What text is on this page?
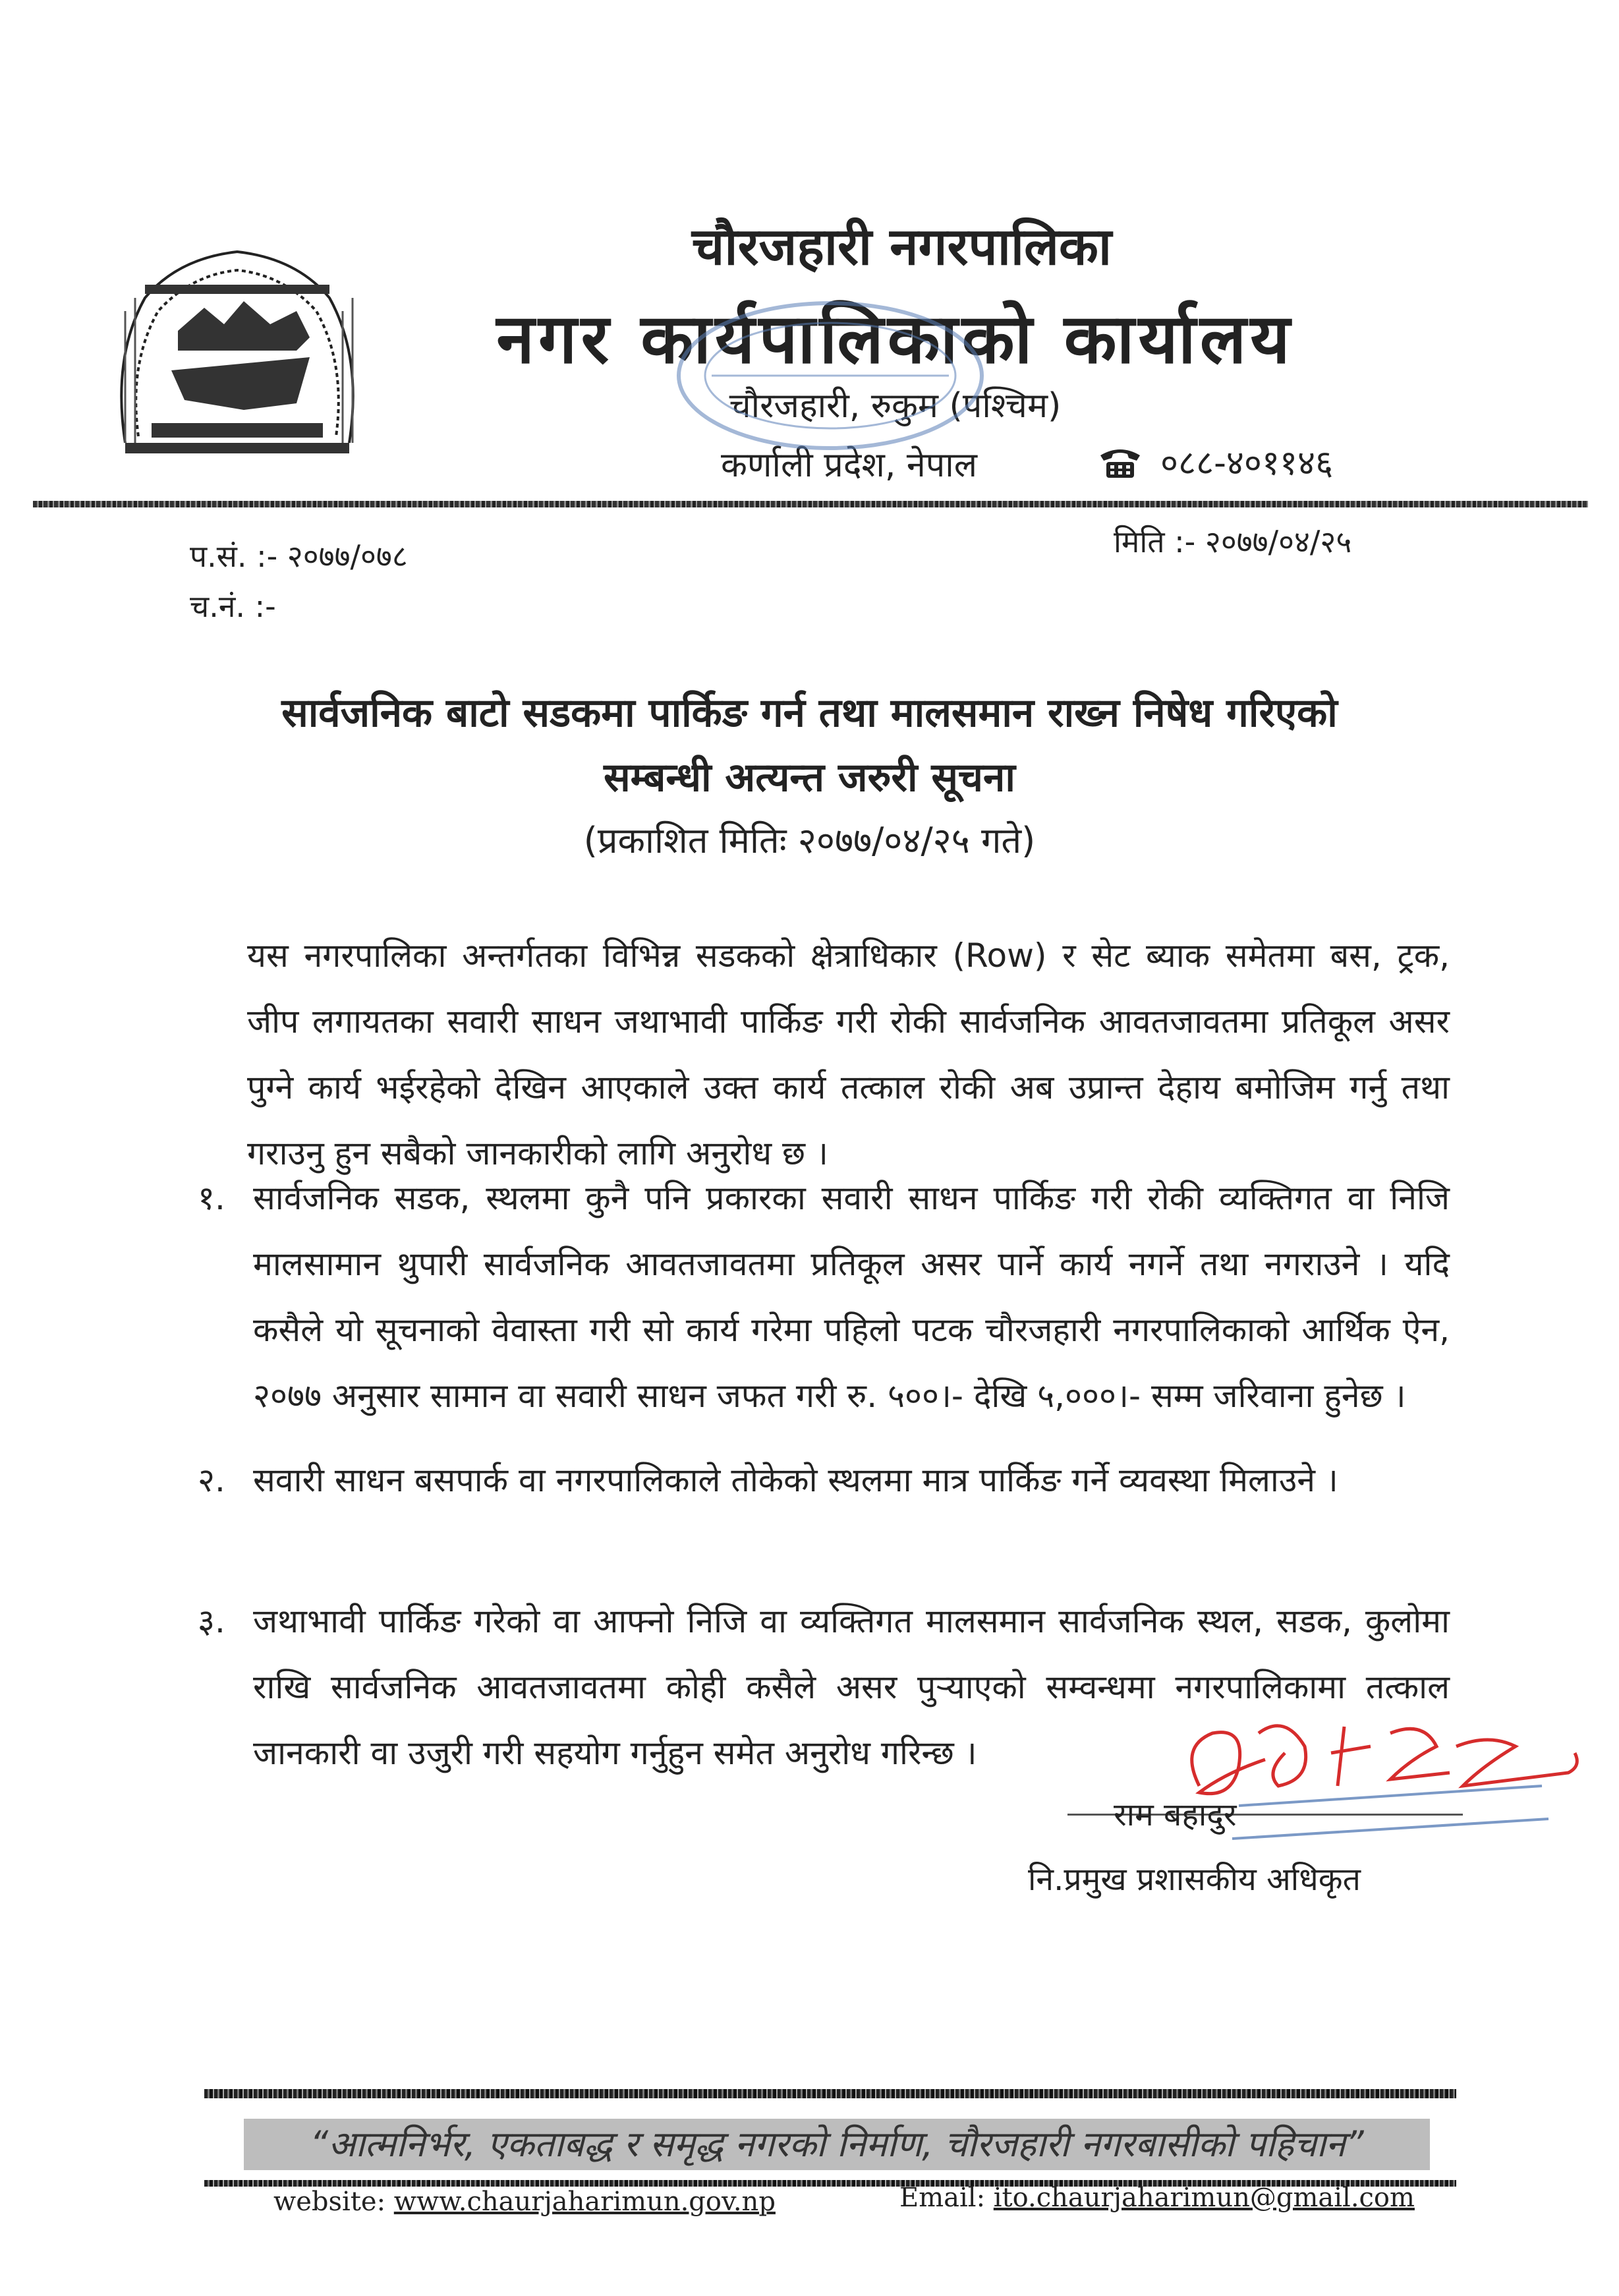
चौरजहारी नगरपालिका
नगर कार्यपालिकाको कार्यालय
चौरजहारी, रुकुम (पश्चिम)
कर्णाली प्रदेश, नेपाल	०८८-४०११४६
प.सं. :- २०७७/०७८
च.नं. :-
मिति :- २०७७/०४/२५
सार्वजनिक बाटो सडकमा पार्किङ गर्न तथा मालसमान राख्न निषेध गरिएको
सम्बन्धी अत्यन्त जरुरी सूचना
(प्रकाशित मितिः २०७७/०४/२५ गते)
यस नगरपालिका अन्तर्गतका विभिन्न सडकको क्षेत्राधिकार (Row) र सेट ब्याक समेतमा बस, ट्रक, जीप लगायतका सवारी साधन जथाभावी पार्किङ गरी रोकी सार्वजनिक आवतजावतमा प्रतिकूल असर पुग्ने कार्य भईरहेको देखिन आएकाले उक्त कार्य तत्काल रोकी अब उप्रान्त देहाय बमोजिम गर्नु तथा गराउनु हुन सबैको जानकारीको लागि अनुरोध छ ।
१. सार्वजनिक सडक, स्थलमा कुनै पनि प्रकारका सवारी साधन पार्किङ गरी रोकी व्यक्तिगत वा निजि मालसामान थुपारी सार्वजनिक आवतजावतमा प्रतिकूल असर पार्ने कार्य नगर्ने तथा नगराउने । यदि कसैले यो सूचनाको वेवास्ता गरी सो कार्य गरेमा पहिलो पटक चौरजहारी नगरपालिकाको आर्थिक ऐन, २०७७ अनुसार सामान वा सवारी साधन जफत गरी रु. ५००।- देखि ५,०००।- सम्म जरिवाना हुनेछ ।
२. सवारी साधन बसपार्क वा नगरपालिकाले तोकेको स्थलमा मात्र पार्किङ गर्ने व्यवस्था मिलाउने ।
३. जथाभावी पार्किङ गरेको वा आफ्नो निजि वा व्यक्तिगत मालसमान सार्वजनिक स्थल, सडक, कुलोमा राखि सार्वजनिक आवतजावतमा कोही कसैले असर पुऱ्याएको सम्वन्धमा नगरपालिकामा तत्काल जानकारी वा उजुरी गरी सहयोग गर्नुहुन समेत अनुरोध गरिन्छ ।
राम बहादुर
नि.प्रमुख प्रशासकीय अधिकृत
“आत्मनिर्भर, एकताबद्ध र समृद्ध नगरको निर्माण, चौरजहारी नगरबासीको पहिचान”
website: www.chaurjaharimun.gov.np	Email: ito.chaurjaharimun@gmail.com
